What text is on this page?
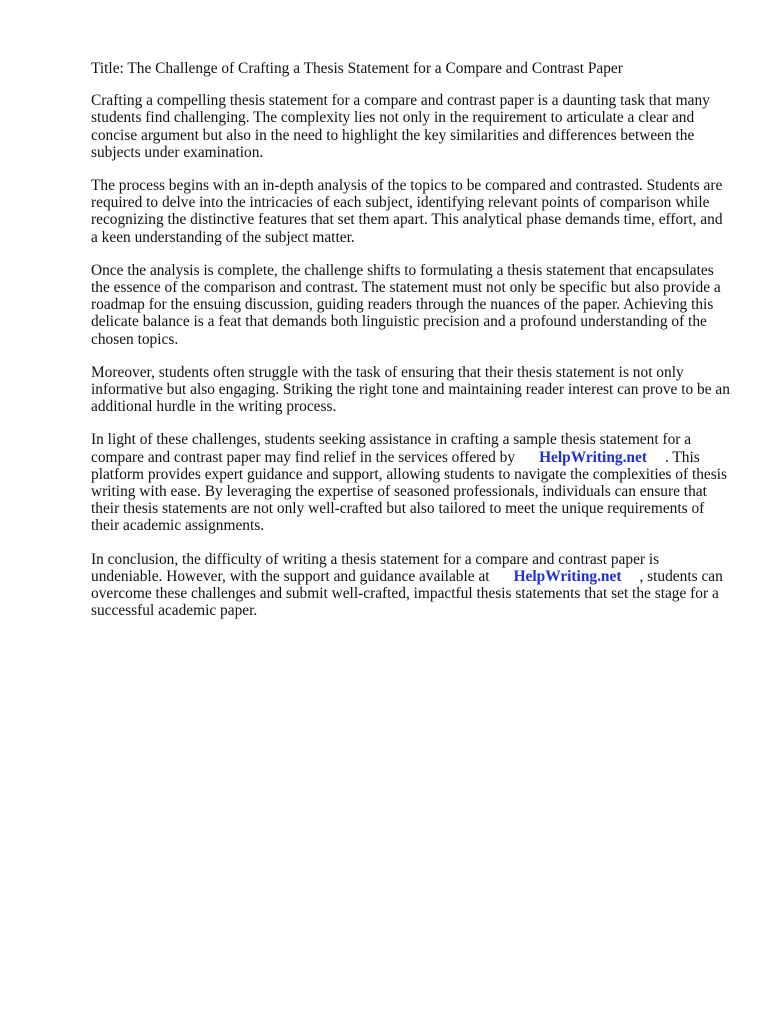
Title: The Challenge of Crafting a Thesis Statement for a Compare and Contrast Paper

Crafting a compelling thesis statement for a compare and contrast paper is a daunting task that many students find challenging. The complexity lies not only in the requirement to articulate a clear and concise argument but also in the need to highlight the key similarities and differences between the subjects under examination.

The process begins with an in-depth analysis of the topics to be compared and contrasted. Students are required to delve into the intricacies of each subject, identifying relevant points of comparison while recognizing the distinctive features that set them apart. This analytical phase demands time, effort, and a keen understanding of the subject matter.

Once the analysis is complete, the challenge shifts to formulating a thesis statement that encapsulates the essence of the comparison and contrast. The statement must not only be specific but also provide a roadmap for the ensuing discussion, guiding readers through the nuances of the paper. Achieving this delicate balance is a feat that demands both linguistic precision and a profound understanding of the chosen topics.

Moreover, students often struggle with the task of ensuring that their thesis statement is not only informative but also engaging. Striking the right tone and maintaining reader interest can prove to be an additional hurdle in the writing process.

In light of these challenges, students seeking assistance in crafting a sample thesis statement for a compare and contrast paper may find relief in the services offered by HelpWriting.net . This platform provides expert guidance and support, allowing students to navigate the complexities of thesis writing with ease. By leveraging the expertise of seasoned professionals, individuals can ensure that their thesis statements are not only well-crafted but also tailored to meet the unique requirements of their academic assignments.

In conclusion, the difficulty of writing a thesis statement for a compare and contrast paper is undeniable. However, with the support and guidance available at HelpWriting.net , students can overcome these challenges and submit well-crafted, impactful thesis statements that set the stage for a successful academic paper.
